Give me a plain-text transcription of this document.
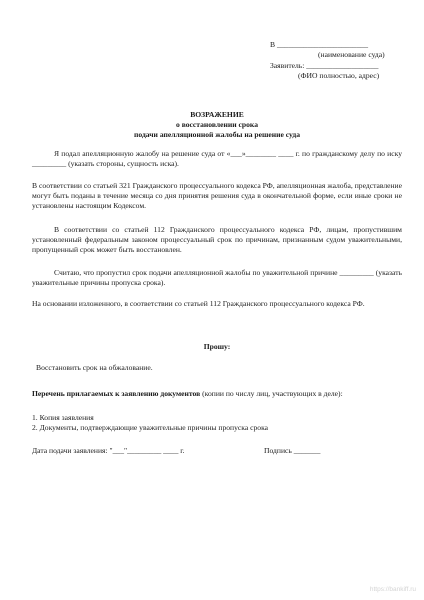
В ________________________
(наименование суда)
Заявитель: ___________________
(ФИО полностью, адрес)
ВОЗРАЖЕНИЕ
о восстановлении срока
подачи апелляционной жалобы на решение суда
Я подал апелляционную жалобу на решение суда от «___»________ ____ г. по гражданскому делу по иску _________ (указать стороны, сущность иска).
В соответствии со статьей 321 Гражданского процессуального кодекса РФ, апелляционная жалоба, представление могут быть поданы в течение месяца со дня принятия решения суда в окончательной форме, если иные сроки не установлены настоящим Кодексом.
В соответствии со статьей 112 Гражданского процессуального кодекса РФ, лицам, пропустившим установленный федеральным законом процессуальный срок по причинам, признанным судом уважительными, пропущенный срок может быть восстановлен.
Считаю, что пропустил срок подачи апелляционной жалобы по уважительной причине _________ (указать уважительные причины пропуска срока).
На основании изложенного, в соответствии со статьей 112 Гражданского процессуального кодекса РФ.
Прошу:
Восстановить срок на обжалование.
Перечень прилагаемых к заявлению документов (копии по числу лиц, участвующих в деле):
1. Копия заявления
2. Документы, подтверждающие уважительные причины пропуска срока
Дата подачи заявления: "___"_________ ____ г.	Подпись _______
https://bankiff.ru
